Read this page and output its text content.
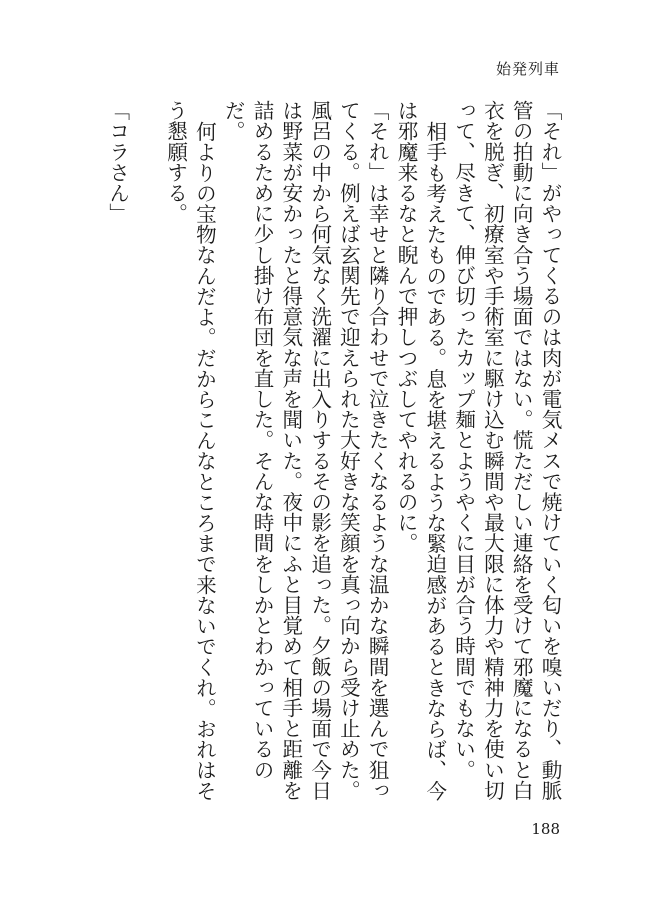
始発列車

「それ」がやってくるのは肉が電気メスで焼けていく匂いを嗅いだり、動脈管の拍動に向き合う場面ではない。慌ただしい連絡を受けて邪魔になると白衣を脱ぎ、初療室や手術室に駆け込む瞬間や最大限に体力や精神力を使い切って、尽きて、伸び切ったカップ麺とようやくに目が合う時間でもない。

相手も考えたものである。息を堪えるような緊迫感があるときならば、今は邪魔来るなと睨んで押しつぶしてやれるのに。

「それ」は幸せと隣り合わせで泣きたくなるような温かな瞬間を選んで狙ってくる。例えば玄関先で迎えられた大好きな笑顔を真っ向から受け止めた。風呂の中から何気なく洗濯に出入りするその影を追った。夕飯の場面で今日は野菜が安かったと得意気な声を聞いた。夜中にふと目覚めて相手と距離を詰めるために少し掛け布団を直した。そんな時間をしかとわかっているのだ。

何よりの宝物なんだよ。だからこんなところまで来ないでくれ。おれはそう懇願する。

「コラさん」

188
